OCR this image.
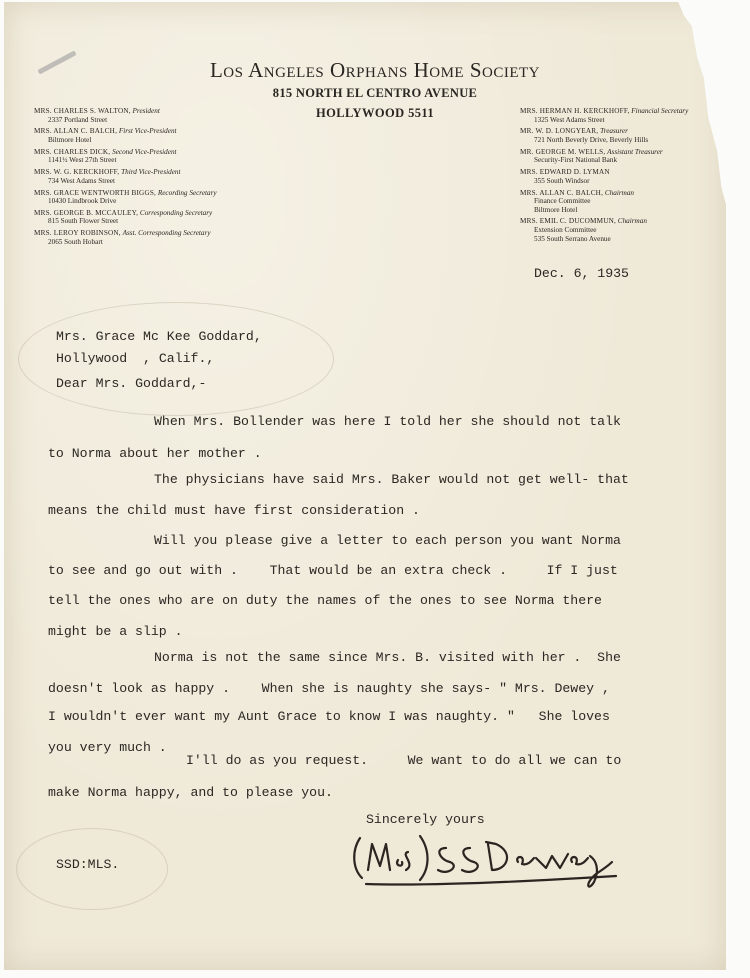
Los Angeles Orphans Home Society
815 NORTH EL CENTRO AVENUE
HOLLYWOOD 5511
MRS. CHARLES S. WALTON, President
2337 Portland Street
MRS. ALLAN C. BALCH, First Vice-President
Biltmore Hotel
MRS. CHARLES DICK, Second Vice-President
1141½ West 27th Street
MRS. W. G. KERCKHOFF, Third Vice-President
734 West Adams Street
MRS. GRACE WENTWORTH BIGGS, Recording Secretary
10430 Lindbrook Drive
MRS. GEORGE B. MCCAULEY, Corresponding Secretary
815 South Flower Street
MRS. LEROY ROBINSON, Asst. Corresponding Secretary
2065 South Hobart
MRS. HERMAN H. KERCKHOFF, Financial Secretary
1325 West Adams Street
MR. W. D. LONGYEAR, Treasurer
721 North Beverly Drive, Beverly Hills
MR. GEORGE M. WELLS, Assistant Treasurer
Security-First National Bank
MRS. EDWARD D. LYMAN
355 South Windsor
MRS. ALLAN C. BALCH, Chairman
Finance Committee
Biltmore Hotel
MRS. EMIL C. DUCOMMUN, Chairman
Extension Committee
535 South Serrano Avenue
Dec. 6, 1935
Mrs. Grace Mc Kee Goddard,
Hollywood  , Calif.,
Dear Mrs. Goddard,-
When Mrs. Bollender was here I told her she should not talk
to Norma about her mother .
The physicians have said Mrs. Baker would not get well- that
means the child must have first consideration .
Will you please give a letter to each person you want Norma
to see and go out with .    That would be an extra check .     If I just
tell the ones who are on duty the names of the ones to see Norma there
might be a slip .
Norma is not the same since Mrs. B. visited with her .  She
doesn't look as happy .    When she is naughty she says- " Mrs. Dewey ,
I wouldn't ever want my Aunt Grace to know I was naughty. "   She loves
you very much .
I'll do as you request.     We want to do all we can to
make Norma happy, and to please you.
Sincerely yours
SSD:MLS.
